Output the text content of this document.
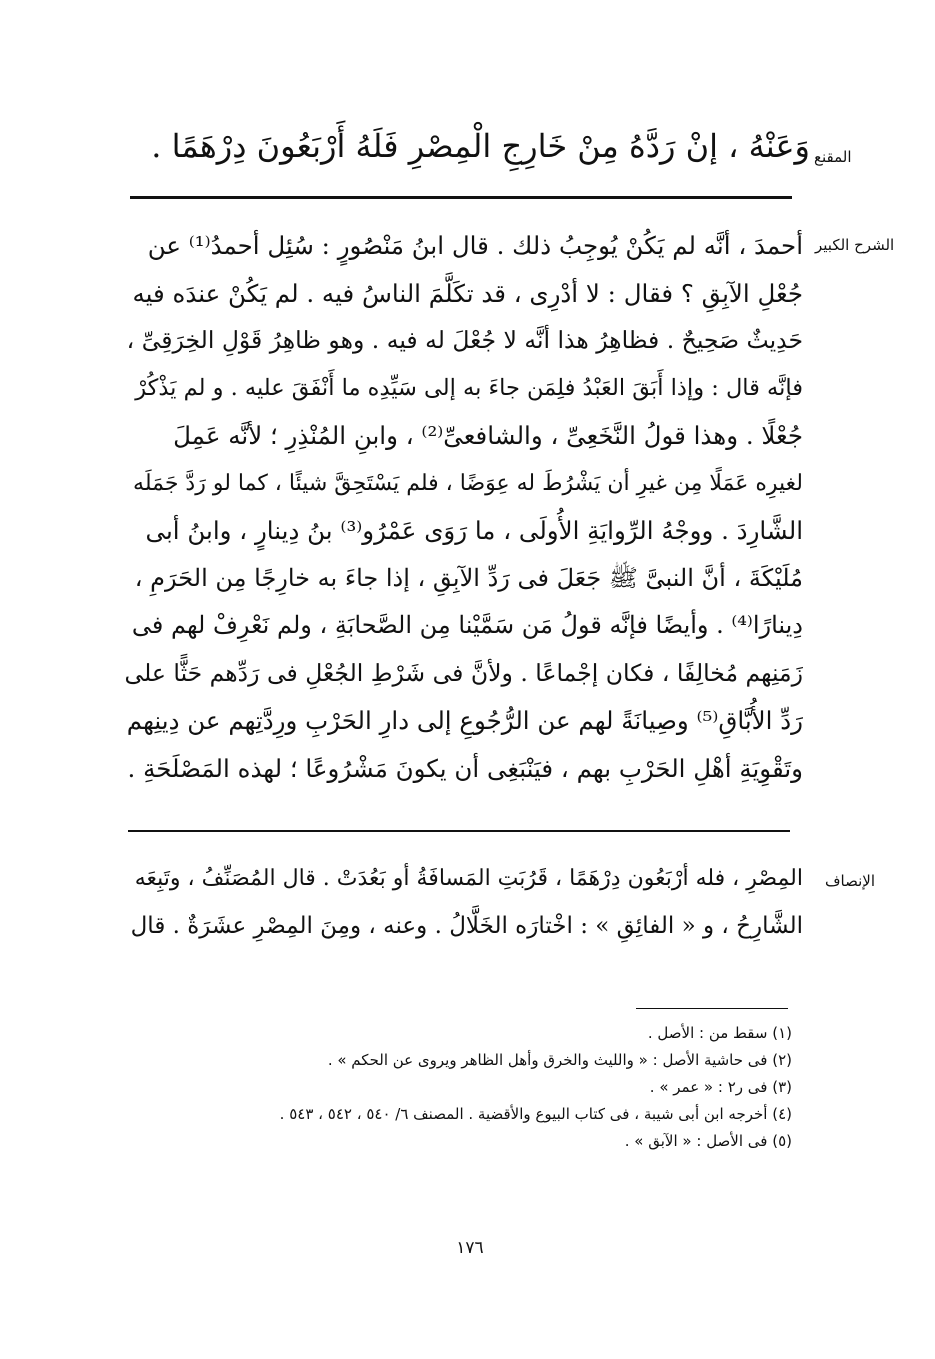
المقنع
وَعَنْهُ ، إنْ رَدَّهُ مِنْ خَارِجِ الْمِصْرِ فَلَهُ أَرْبَعُونَ دِرْهَمًا .
الشرح الكبير
أحمدَ ، أنَّه لم يَكُنْ يُوجِبُ ذلك . قال ابنُ مَنْصُورٍ : سُئِل أحمدُ⁽¹⁾ عن
جُعْلِ الآبِقِ ؟ فقال : لا أدْرِى ، قد تكَلَّمَ الناسُ فيه . لم يَكُنْ عندَه فيه
حَدِيثٌ صَحِيحٌ . فظاهِرُ هذا أنَّه لا جُعْلَ له فيه . وهو ظاهِرُ قَوْلِ الخِرَقِىِّ ،
فإنَّه قال : وإذا أَبَقَ العَبْدُ فلِمَن جاءَ به إلى سَيِّدِه ما أَنْفَقَ عليه . و لم يَذْكُرْ
جُعْلًا . وهذا قولُ النَّخَعِىِّ ، والشافعىِّ⁽²⁾ ، وابنِ المُنْذِرِ ؛ لأنَّه عَمِلَ
لغيرِه عَمَلًا مِن غيرِ أن يَشْرُطَ له عِوَضًا ، فلم يَسْتَحِقَّ شيئًا ، كما لو رَدَّ جَمَلَه
الشَّارِدَ . ووجْهُ الرِّوايَةِ الأُولَى ، ما رَوَى عَمْرُو⁽³⁾ بنُ دِينارٍ ، وابنُ أبى
مُلَيْكَةَ ، أنَّ النبىَّ ﷺ جَعَلَ فى رَدِّ الآبِقِ ، إذا جاءَ به خارِجًا مِن الحَرَمِ ،
دِينارًا⁽⁴⁾ . وأيضًا فإنَّه قولُ مَن سَمَّيْنا مِن الصَّحابَةِ ، ولم نَعْرِفْ لهم فى
زَمَنِهم مُخالِفًا ، فكان إجْماعًا . ولأنَّ فى شَرْطِ الجُعْلِ فى رَدِّهم حَثًّا على
رَدِّ الأُبَّاقِ⁽⁵⁾ وصِيانَةً لهم عن الرُّجُوعِ إلى دارِ الحَرْبِ ورِدَّتِهم عن دِينِهم
وتَقْوِيَةِ أهْلِ الحَرْبِ بهم ، فيَنْبَغِى أن يكونَ مَشْرُوعًا ؛ لهذه المَصْلَحَةِ .
الإنصاف
المِصْرِ ، فله أرْبَعُون دِرْهَمًا ، قَرُبَتِ المَسافَةُ أو بَعُدَتْ . قال المُصَنِّفُ ، وتَبِعَه
الشَّارِحُ ، و « الفائِقِ » : اخْتارَه الخَلَّالُ . وعنه ، ومِنَ المِصْرِ عشَرَةٌ . قال
(١) سقط من : الأصل .
(٢) فى حاشية الأصل : « والليث والخرق وأهل الظاهر ويروى عن الحكم » .
(٣) فى ر٢ : « عمر » .
(٤) أخرجه ابن أبى شيبة ، فى كتاب البيوع والأقضية . المصنف ٦/ ٥٤٠ ، ٥٤٢ ، ٥٤٣ .
(٥) فى الأصل : « الآبق » .
١٧٦
